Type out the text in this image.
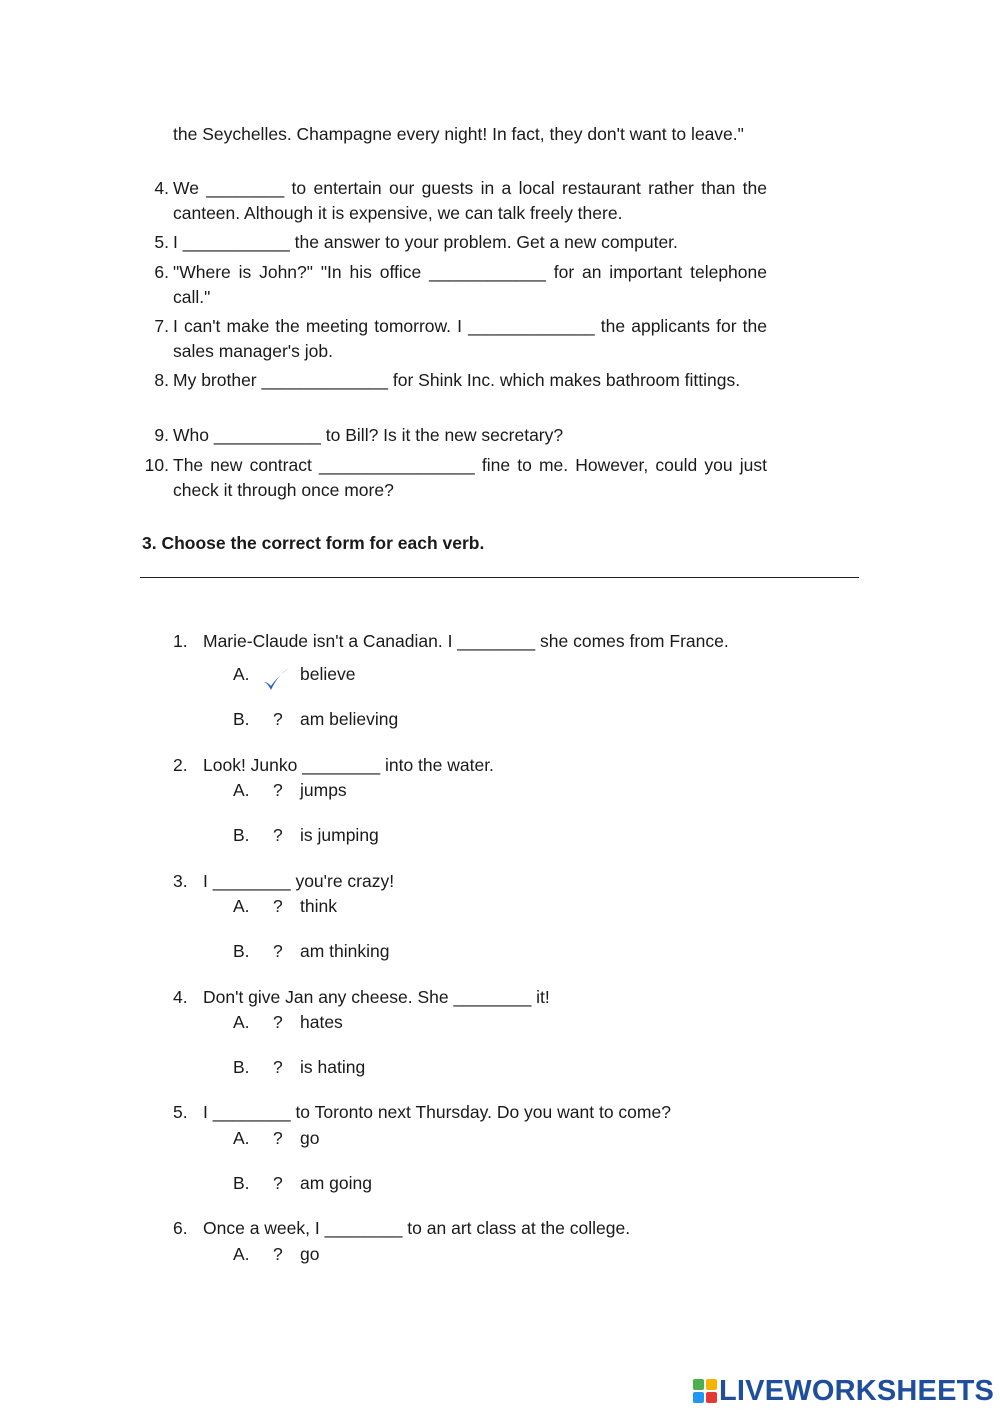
the Seychelles. Champagne every night! In fact, they don't want to leave."
4. We ________ to entertain our guests in a local restaurant rather than the canteen. Although it is expensive, we can talk freely there.
5. I ___________ the answer to your problem. Get a new computer.
6. "Where is John?" "In his office ____________ for an important telephone call."
7. I can't make the meeting tomorrow. I _____________ the applicants for the sales manager's job.
8. My brother _____________ for Shink Inc. which makes bathroom fittings.
9. Who ___________ to Bill? Is it the new secretary?
10. The new contract ________________ fine to me. However, could you just check it through once more?
3. Choose the correct form for each verb.
1. Marie-Claude isn't a Canadian. I ________ she comes from France.
A.	believe
B. ? am believing
2. Look! Junko ________ into the water.
A. ? jumps
B. ? is jumping
3. I ________ you're crazy!
A. ? think
B. ? am thinking
4. Don't give Jan any cheese. She ________ it!
A. ? hates
B. ? is hating
5. I ________ to Toronto next Thursday. Do you want to come?
A. ? go
B. ? am going
6. Once a week, I ________ to an art class at the college.
A. ? go
LIVEWORKSHEETS
